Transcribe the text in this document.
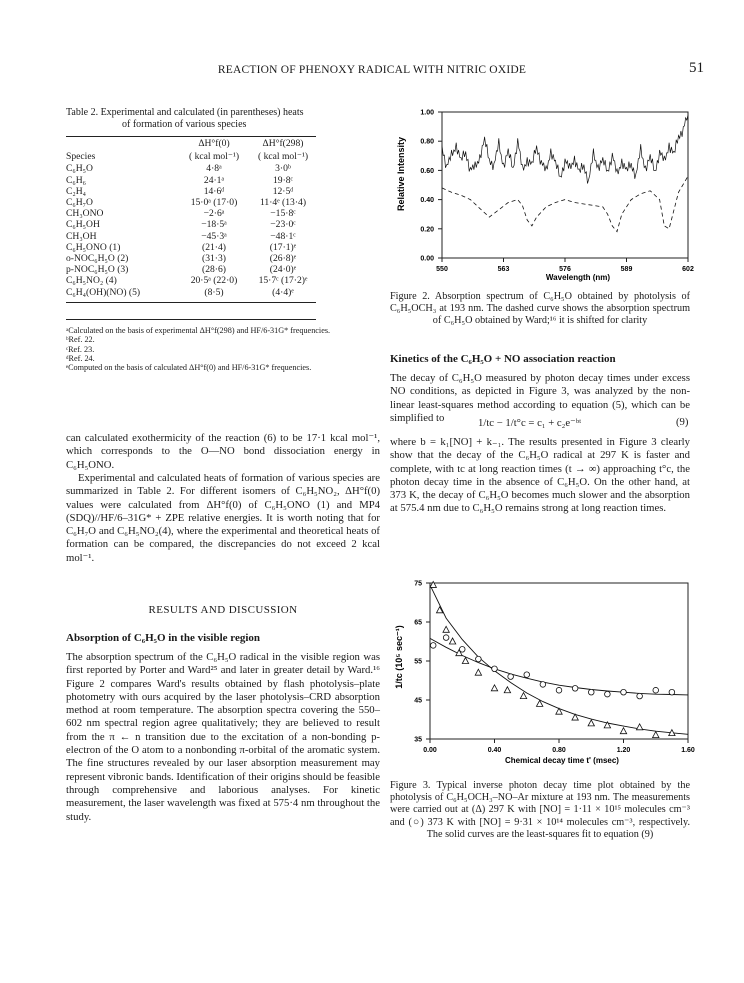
REACTION OF PHENOXY RADICAL WITH NITRIC OXIDE	51
Table 2. Experimental and calculated (in parentheses) heats
of formation of various species
	ΔH°f(0)	ΔH°f(298)
Species	( kcal mol⁻¹)	( kcal mol⁻¹)
C₆H₅O	4·8ᵃ	3·0ᵇ
C₆H₆	24·1ᵃ	19·8ᶜ
C₂H₄	14·6ᵈ	12·5ᵈ
C₆H₇O	15·0ᵃ (17·0)	11·4ᵉ (13·4)
CH₃ONO	−2·6ᵃ	−15·8ᶜ
C₆H₅OH	−18·5ᵃ	−23·0ᶜ
CH₃OH	−45·3ᵃ	−48·1ᶜ
C₆H₅ONO (1)	(21·4)	(17·1)ᵉ
o-NOC₆H₅O (2)	(31·3)	(26·8)ᵉ
p-NOC₆H₅O (3)	(28·6)	(24·0)ᵉ
C₆H₅NO₂ (4)	20·5ᵃ (22·0)	15·7ᶜ (17·2)ᵉ
C₆H₄(OH)(NO) (5)	(8·5)	(4·4)ᵉ
ᵃCalculated on the basis of experimental ΔH°f(298) and HF/6-31G* frequencies.
ᵇRef. 22.
ᶜRef. 23.
ᵈRef. 24.
ᵉComputed on the basis of calculated ΔH°f(0) and HF/6-31G* frequencies.
can calculated exothermicity of the reaction (6) to be 17·1 kcal mol⁻¹, which corresponds to the O—NO bond dissociation energy in C₆H₅ONO.
Experimental and calculated heats of formation of various species are summarized in Table 2. For different isomers of C₆H₅NO₂, ΔH°f(0) values were calculated from ΔH°f(0) of C₆H₅ONO (1) and MP4 (SDQ)//HF/6–31G* + ZPE relative energies. It is worth noting that for C₆H₇O and C₆H₅NO₂(4), where the experimental and theoretical heats of formation can be compared, the discrepancies do not exceed 2 kcal mol⁻¹.
RESULTS AND DISCUSSION
Absorption of C₆H₅O in the visible region
The absorption spectrum of the C₆H₅O radical in the visible region was first reported by Porter and Ward²⁵ and later in greater detail by Ward.¹⁶ Figure 2 compares Ward's results obtained by flash photolysis–plate photometry with ours acquired by the laser photolysis–CRD absorption method at room temperature. The absorption spectra covering the 550–602 nm spectral region agree qualitatively; they are believed to result from the π ← n transition due to the excitation of a non-bonding p-electron of the O atom to a nonbonding π-orbital of the aromatic system. The fine structures revealed by our laser absorption measurement may represent vibronic bands. Identification of their origins should be feasible through comprehensive and laborious analyses. For kinetic measurement, the laser wavelength was fixed at 575·4 nm throughout the study.
550	563	576	589	602
0.00
0.20
0.40
0.60
0.80
1.00
Relative Intensity
Wavelength (nm)
Figure 2. Absorption spectrum of C₆H₅O obtained by photolysis of C₆H₅OCH₃ at 193 nm. The dashed curve shows the absorption spectrum of C₆H₅O obtained by Ward;¹⁶ it is shifted for clarity
Kinetics of the C₆H₅O + NO association reaction
The decay of C₆H₅O measured by photon decay times under excess NO conditions, as depicted in Figure 3, was analyzed by the non-linear least-squares method according to equation (5), which can be simplified to	1/tc − 1/t°c = c₁ + c₂e⁻ᵇᵗ	(9)
where b = k₁[NO] + k₋₁. The results presented in Figure 3 clearly show that the decay of the C₆H₅O radical at 297 K is faster and complete, with tc at long reaction times (t → ∞) approaching t°c, the photon decay time in the absence of C₆H₅O. On the other hand, at 373 K, the decay of C₆H₅O becomes much slower and the absorption at 575.4 nm due to C₆H₅O remains strong at long reaction times.
0.00	0.40	0.80	1.20	1.60
35
45
55
65
75
1/tc (10⁵ sec⁻¹)
Chemical decay time t' (msec)
Figure 3. Typical inverse photon decay time plot obtained by the photolysis of C₆H₅OCH₃–NO–Ar mixture at 193 nm. The measurements were carried out at (Δ) 297 K with [NO] = 1·11 × 10¹⁵ molecules cm⁻³ and (○) 373 K with [NO] = 9·31 × 10¹⁴ molecules cm⁻³, respectively. The solid curves are the least-squares fit to equation (9)
